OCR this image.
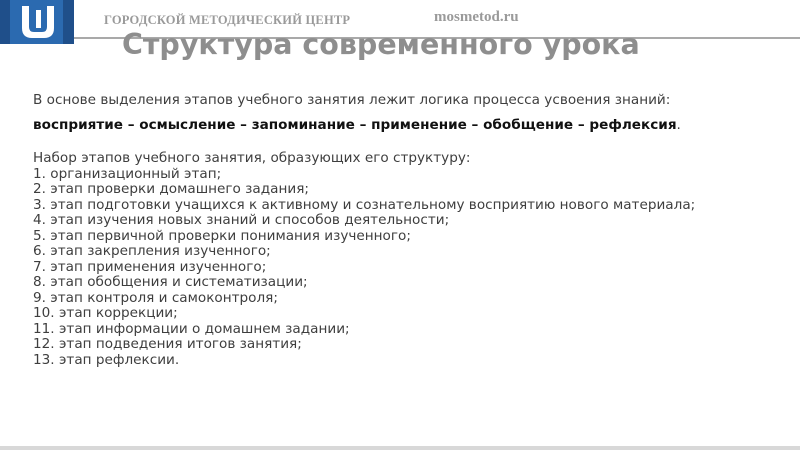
ГОРОДСКОЙ МЕТОДИЧЕСКИЙ ЦЕНТР	mosmetod.ru
Структура современного урока

В основе выделения этапов учебного занятия лежит логика процесса усвоения знаний:

восприятие – осмысление – запоминание – применение – обобщение – рефлексия.

Набор этапов учебного занятия, образующих его структуру:

1. организационный этап;
2. этап проверки домашнего задания;
3. этап подготовки учащихся к активному и сознательному восприятию нового материала;
4. этап изучения новых знаний и способов деятельности;
5. этап первичной проверки понимания изученного;
6. этап закрепления изученного;
7. этап применения изученного;
8. этап обобщения и систематизации;
9. этап контроля и самоконтроля;
10. этап коррекции;
11. этап информации о домашнем задании;
12. этап подведения итогов занятия;
13. этап рефлексии.
